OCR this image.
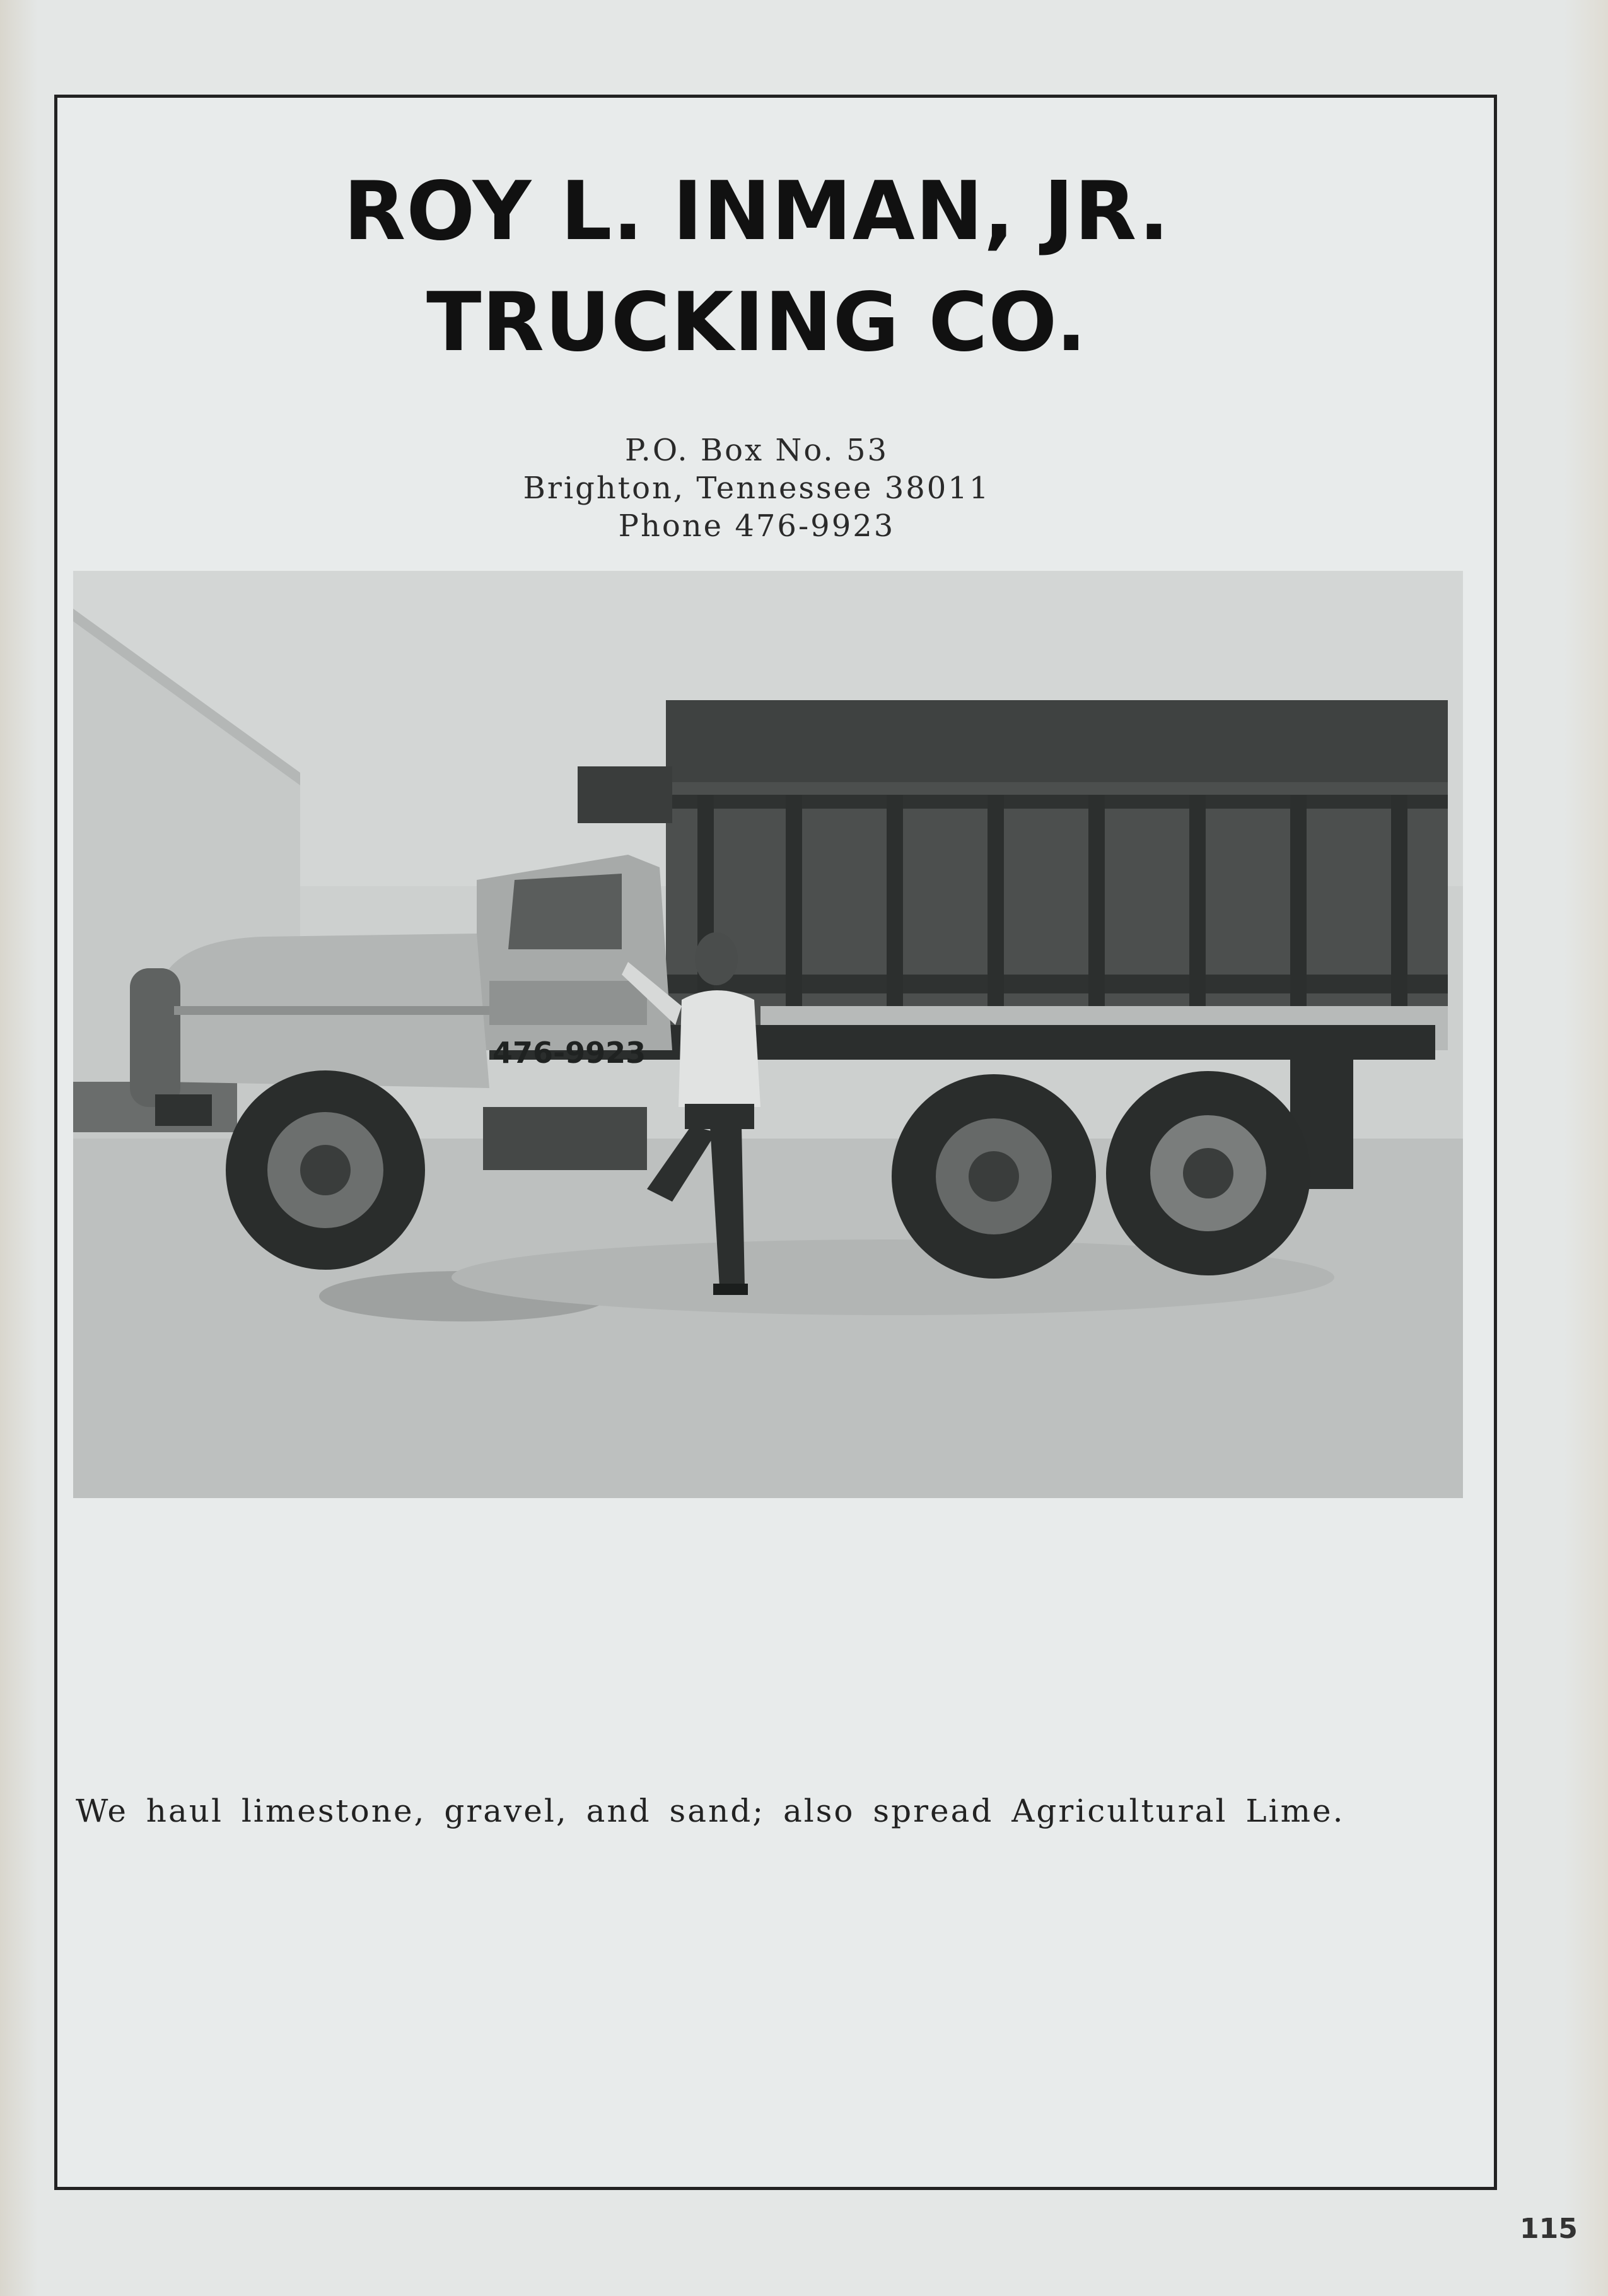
ROY L. INMAN, JR.
TRUCKING CO.
P.O. Box No. 53
Brighton, Tennessee 38011
Phone 476-9923
476-9923
We haul limestone, gravel, and sand; also spread Agricultural Lime.
115
